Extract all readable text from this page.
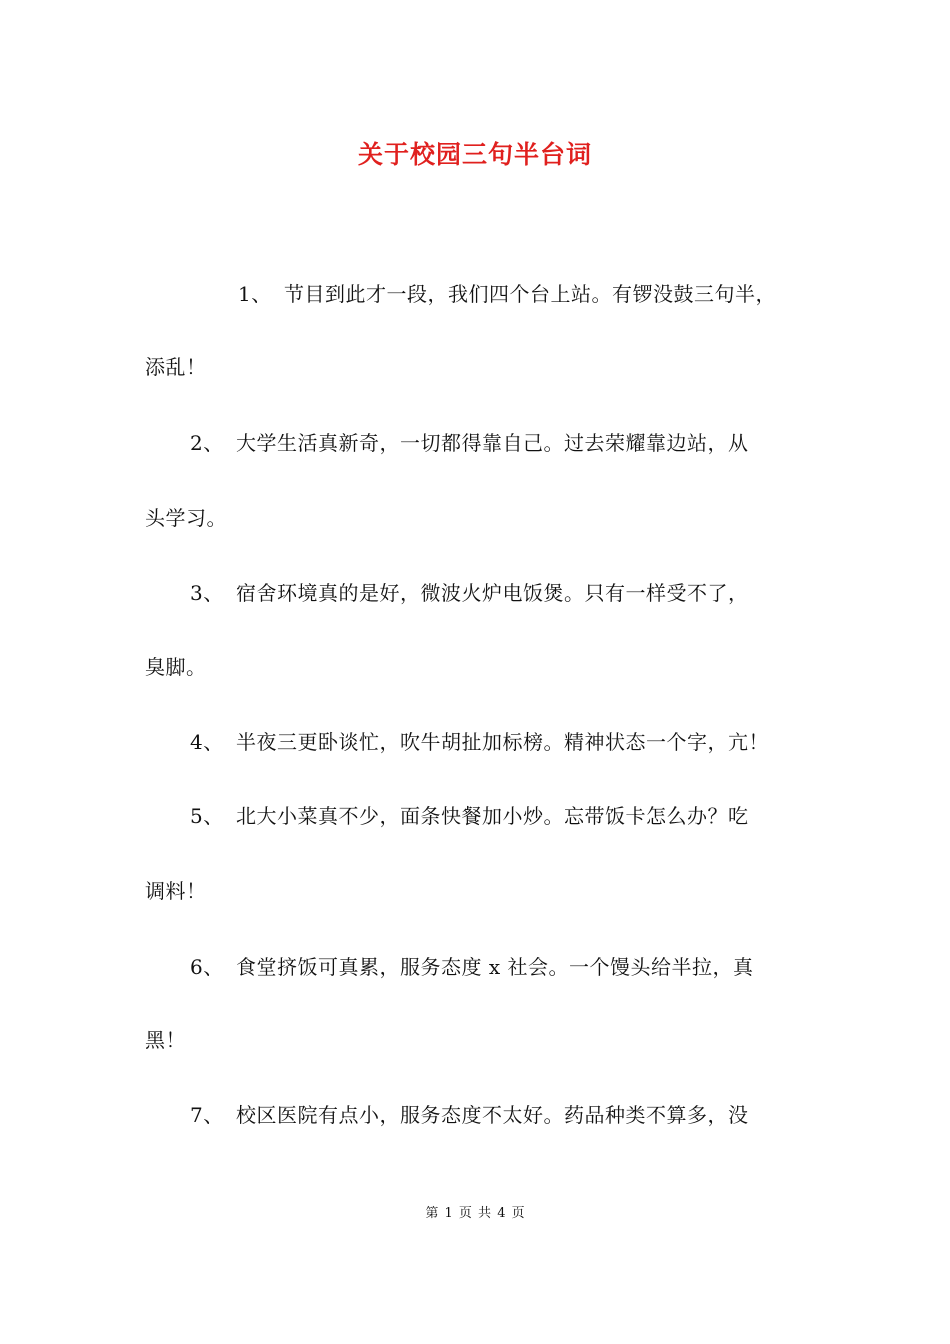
关于校园三句半台词
1、 节目到此才一段，我们四个台上站。有锣没鼓三句半，
添乱！
2、 大学生活真新奇，一切都得靠自己。过去荣耀靠边站，从
头学习。
3、 宿舍环境真的是好，微波火炉电饭煲。只有一样受不了，
臭脚。
4、 半夜三更卧谈忙，吹牛胡扯加标榜。精神状态一个字，亢！
5、 北大小菜真不少，面条快餐加小炒。忘带饭卡怎么办？吃
调料！
6、 食堂挤饭可真累，服务态度 x 社会。一个馒头给半拉，真
黑！
7、 校区医院有点小，服务态度不太好。药品种类不算多，没
第 1 页 共 4 页
